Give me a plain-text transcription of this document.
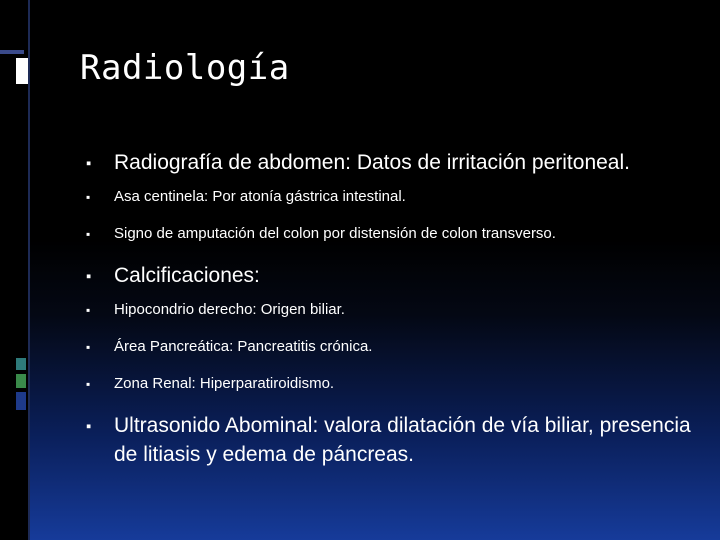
Radiología
▪ Radiografía de abdomen: Datos de irritación peritoneal.
▪ Asa centinela: Por atonía gástrica intestinal.
▪ Signo de amputación del colon por distensión de colon transverso.
▪ Calcificaciones:
▪ Hipocondrio derecho: Origen biliar.
▪ Área Pancreática: Pancreatitis crónica.
▪ Zona Renal: Hiperparatiroidismo.
▪ Ultrasonido Abominal: valora dilatación de vía biliar, presencia de litiasis y edema de páncreas.
